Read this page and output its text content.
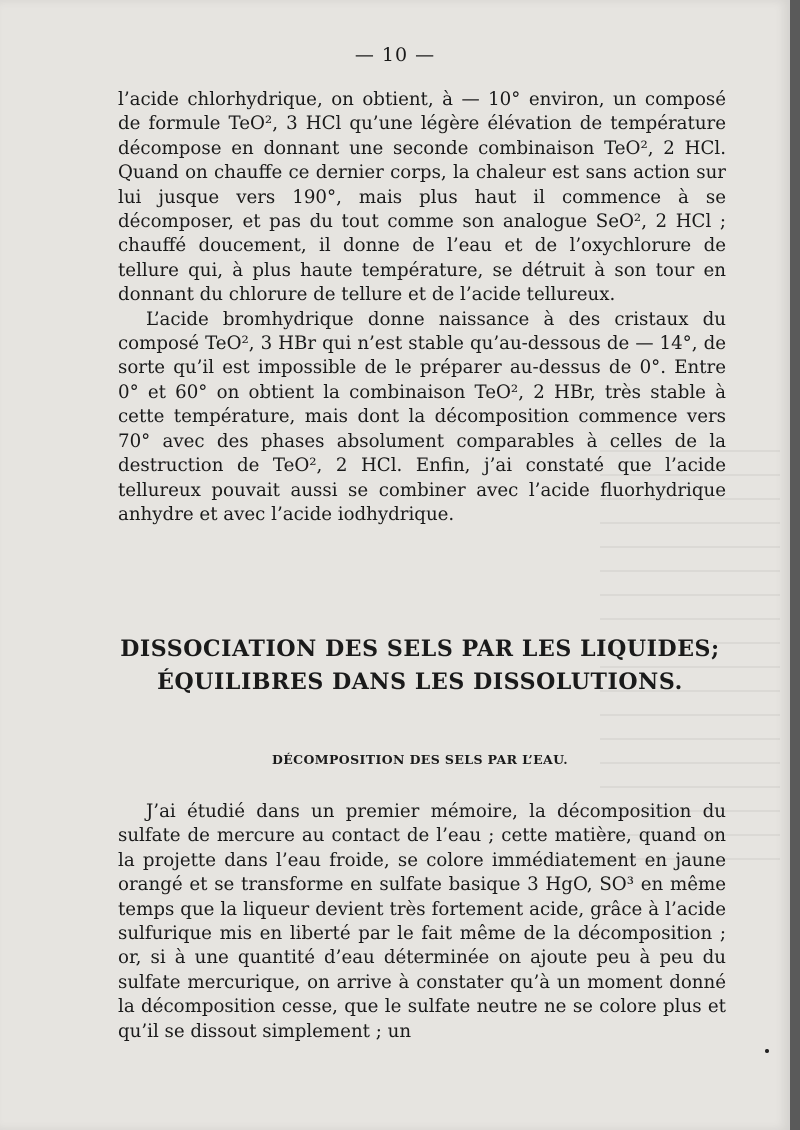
— 10 —

l’acide chlorhydrique, on obtient, à — 10° environ, un composé de formule TeO², 3 HCl qu’une légère élévation de température décompose en donnant une seconde combinaison TeO², 2 HCl. Quand on chauffe ce dernier corps, la chaleur est sans action sur lui jusque vers 190°, mais plus haut il commence à se décomposer, et pas du tout comme son analogue SeO², 2 HCl ; chauffé doucement, il donne de l’eau et de l’oxychlorure de tellure qui, à plus haute température, se détruit à son tour en donnant du chlorure de tellure et de l’acide tellureux.

L’acide bromhydrique donne naissance à des cristaux du composé TeO², 3 HBr qui n’est stable qu’au-dessous de — 14°, de sorte qu’il est impossible de le préparer au-dessus de 0°. Entre 0° et 60° on obtient la combinaison TeO², 2 HBr, très stable à cette température, mais dont la décomposition commence vers 70° avec des phases absolument comparables à celles de la destruction de TeO², 2 HCl. Enfin, j’ai constaté que l’acide tellureux pouvait aussi se combiner avec l’acide fluorhydrique anhydre et avec l’acide iodhydrique.

DISSOCIATION DES SELS PAR LES LIQUIDES;
ÉQUILIBRES DANS LES DISSOLUTIONS.
DÉCOMPOSITION DES SELS PAR L’EAU.

J’ai étudié dans un premier mémoire, la décomposition du sulfate de mercure au contact de l’eau ; cette matière, quand on la projette dans l’eau froide, se colore immédiatement en jaune orangé et se transforme en sulfate basique 3 HgO, SO³ en même temps que la liqueur devient très fortement acide, grâce à l’acide sulfurique mis en liberté par le fait même de la décomposition ; or, si à une quantité d’eau déterminée on ajoute peu à peu du sulfate mercurique, on arrive à constater qu’à un moment donné la décomposition cesse, que le sulfate neutre ne se colore plus et qu’il se dissout simplement ; un
